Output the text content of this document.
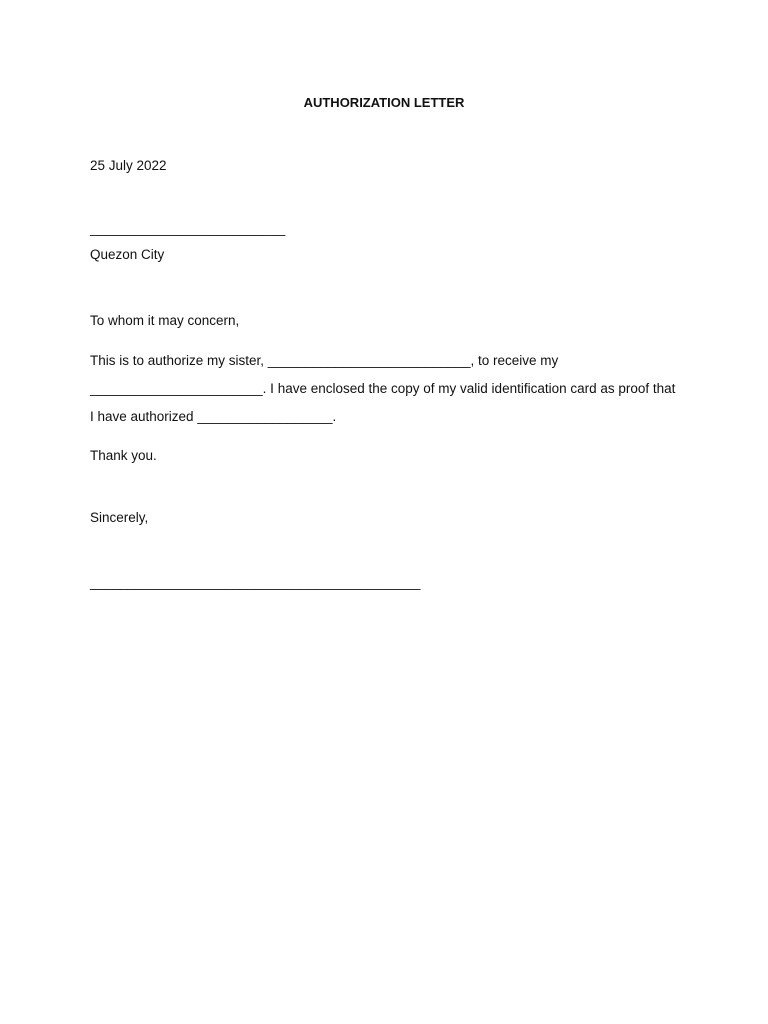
AUTHORIZATION LETTER
25 July 2022
__________________________
Quezon City
To whom it may concern,
This is to authorize my sister, ___________________________, to receive my
_______________________. I have enclosed the copy of my valid identification card as proof that
I have authorized __________________.
Thank you.
Sincerely,
____________________________________________
